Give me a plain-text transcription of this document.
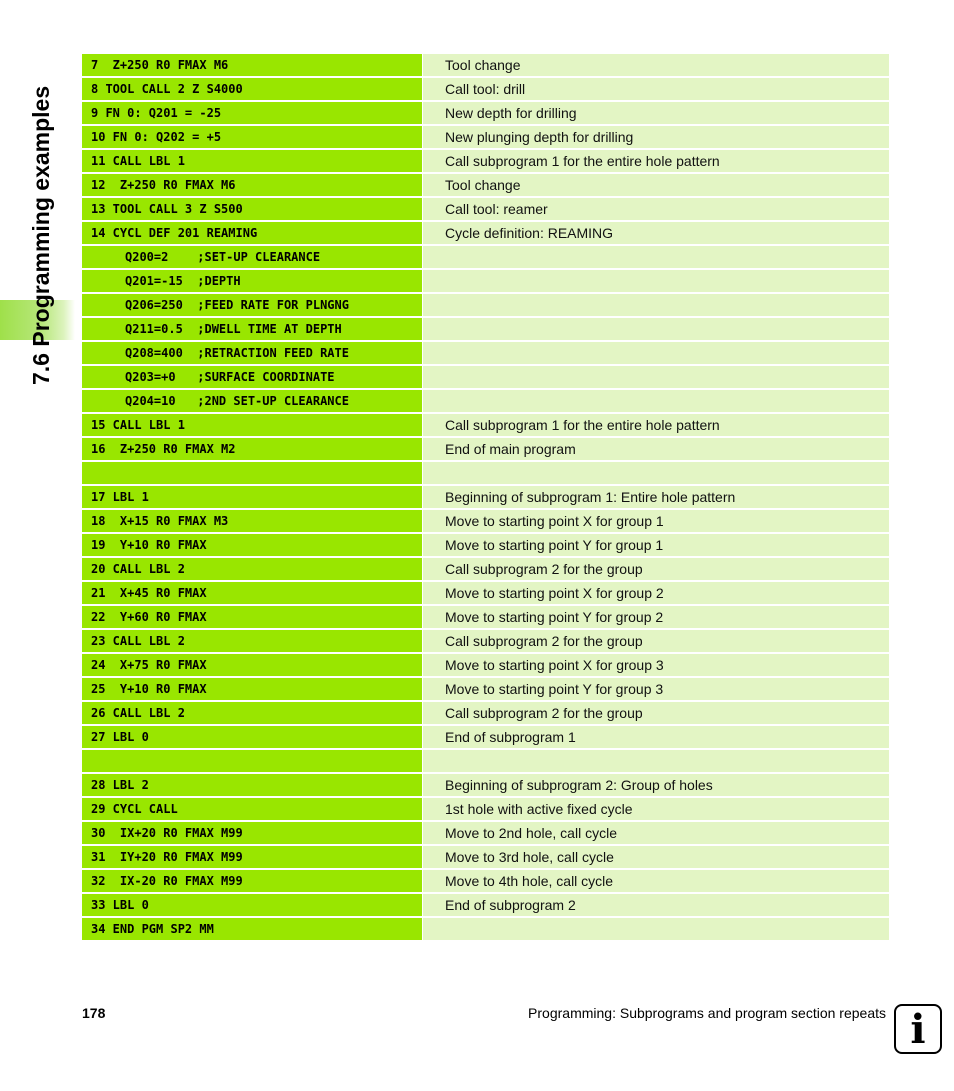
7.6 Programming examples
7  Z+250 R0 FMAX M6	Tool change
8 TOOL CALL 2 Z S4000	Call tool: drill
9 FN 0: Q201 = -25	New depth for drilling
10 FN 0: Q202 = +5	New plunging depth for drilling
11 CALL LBL 1	Call subprogram 1 for the entire hole pattern
12  Z+250 R0 FMAX M6	Tool change
13 TOOL CALL 3 Z S500	Call tool: reamer
14 CYCL DEF 201 REAMING	Cycle definition: REAMING
Q200=2    ;SET-UP CLEARANCE
Q201=-15  ;DEPTH
Q206=250  ;FEED RATE FOR PLNGNG
Q211=0.5  ;DWELL TIME AT DEPTH
Q208=400  ;RETRACTION FEED RATE
Q203=+0   ;SURFACE COORDINATE
Q204=10   ;2ND SET-UP CLEARANCE
15 CALL LBL 1	Call subprogram 1 for the entire hole pattern
16  Z+250 R0 FMAX M2	End of main program
17 LBL 1	Beginning of subprogram 1: Entire hole pattern
18  X+15 R0 FMAX M3	Move to starting point X for group 1
19  Y+10 R0 FMAX	Move to starting point Y for group 1
20 CALL LBL 2	Call subprogram 2 for the group
21  X+45 R0 FMAX	Move to starting point X for group 2
22  Y+60 R0 FMAX	Move to starting point Y for group 2
23 CALL LBL 2	Call subprogram 2 for the group
24  X+75 R0 FMAX	Move to starting point X for group 3
25  Y+10 R0 FMAX	Move to starting point Y for group 3
26 CALL LBL 2	Call subprogram 2 for the group
27 LBL 0	End of subprogram 1
28 LBL 2	Beginning of subprogram 2: Group of holes
29 CYCL CALL	1st hole with active fixed cycle
30  IX+20 R0 FMAX M99	Move to 2nd hole, call cycle
31  IY+20 R0 FMAX M99	Move to 3rd hole, call cycle
32  IX-20 R0 FMAX M99	Move to 4th hole, call cycle
33 LBL 0	End of subprogram 2
34 END PGM SP2 MM
178	Programming: Subprograms and program section repeats i
